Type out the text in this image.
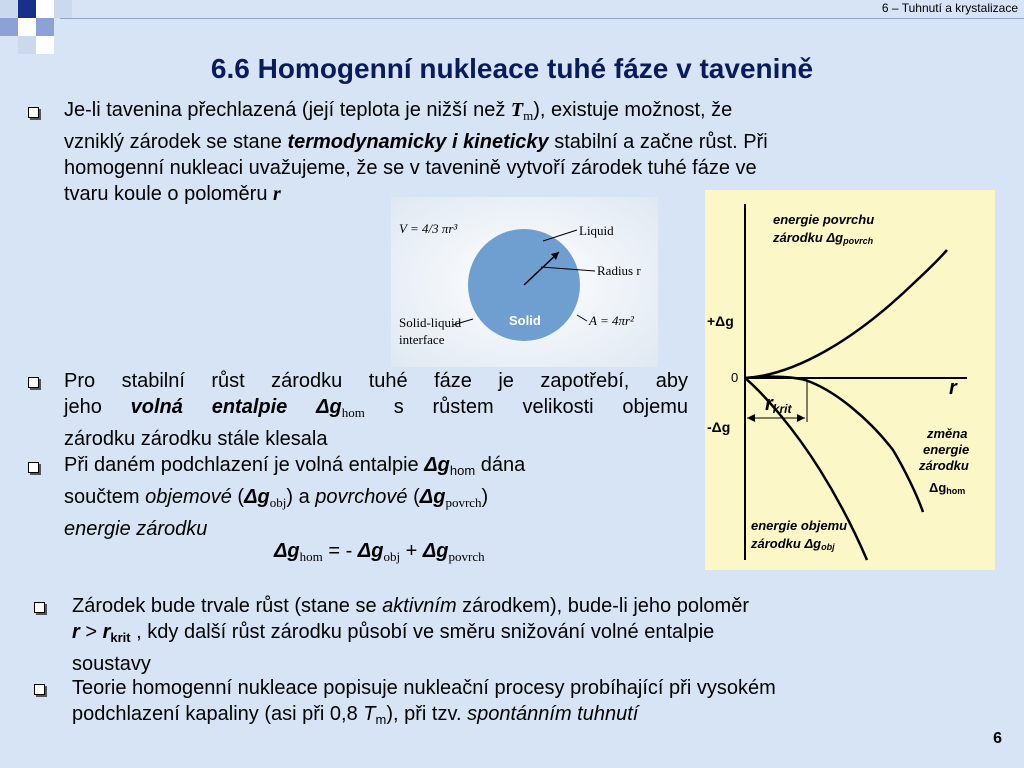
6 – Tuhnutí a krystalizace
6.6 Homogenní nukleace tuhé fáze v tavenině
Je-li tavenina přechlazená (její teplota je nižší než $T_m$), existuje možnost, že
vzniklý zárodek se stane termodynamicky i kineticky stabilní a začne růst. Při
homogenní nukleaci uvažujeme, že se v tavenině vytvoří zárodek tuhé fáze ve
tvaru koule o poloměru r
V = 4/3 πr³	Liquid
Radius r
Solid
Solid-liquid
interface
A = 4πr²
energie povrchu
zárodku Δgpovrch
+Δg
0	r
rkrit
-Δg	změna
energie
zárodku
Δghom
energie objemu
zárodku Δgobj
Pro stabilní růst zárodku tuhé fáze je zapotřebí, aby
jeho volná entalpie $\Delta g_{hom}$ s růstem velikosti objemu
zárodku zárodku stále klesala
Při daném podchlazení je volná entalpie $\Delta g_{hom}$ dána
součtem objemové $(\Delta g_{obj})$ a povrchové $(\Delta g_{povrch})$
energie zárodku
$\Delta g_{hom}$ = - $\Delta g_{obj} + \Delta g_{povrch}$
Zárodek bude trvale růst (stane se aktivním zárodkem), bude-li jeho poloměr
$r > r_{krit}$ , kdy další růst zárodku působí ve směru snižování volné entalpie
soustavy
Teorie homogenní nukleace popisuje nukleační procesy probíhající při vysokém
podchlazení kapaliny (asi při 0,8 $T_m$), při tzv. spontánním tuhnutí
6
